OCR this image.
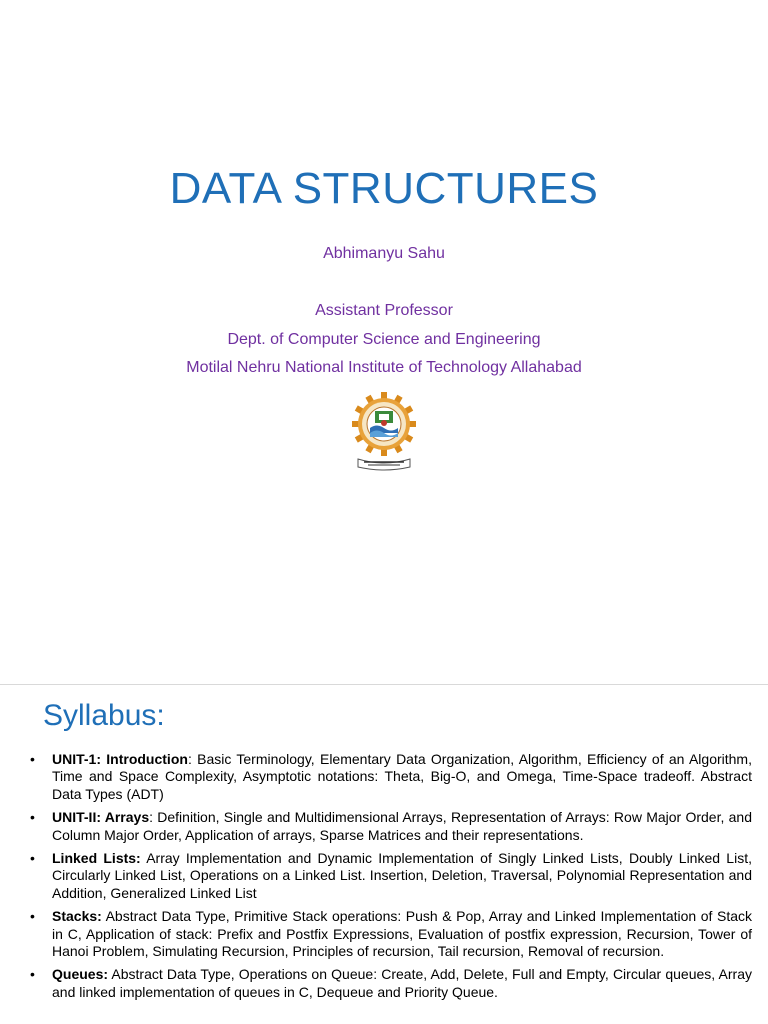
DATA STRUCTURES
Abhimanyu Sahu
Assistant Professor
Dept. of Computer Science and Engineering
Motilal Nehru National Institute of Technology Allahabad
Syllabus:
• UNIT-1: Introduction: Basic Terminology, Elementary Data Organization, Algorithm, Efficiency of an Algorithm, Time and Space Complexity, Asymptotic notations: Theta, Big-O, and Omega, Time-Space tradeoff. Abstract Data Types (ADT)
• UNIT-II: Arrays: Definition, Single and Multidimensional Arrays, Representation of Arrays: Row Major Order, and Column Major Order, Application of arrays, Sparse Matrices and their representations.
• Linked Lists: Array Implementation and Dynamic Implementation of Singly Linked Lists, Doubly Linked List, Circularly Linked List, Operations on a Linked List. Insertion, Deletion, Traversal, Polynomial Representation and Addition, Generalized Linked List
• Stacks: Abstract Data Type, Primitive Stack operations: Push & Pop, Array and Linked Implementation of Stack in C, Application of stack: Prefix and Postfix Expressions, Evaluation of postfix expression, Recursion, Tower of Hanoi Problem, Simulating Recursion, Principles of recursion, Tail recursion, Removal of recursion.
• Queues: Abstract Data Type, Operations on Queue: Create, Add, Delete, Full and Empty, Circular queues, Array and linked implementation of queues in C, Dequeue and Priority Queue.
